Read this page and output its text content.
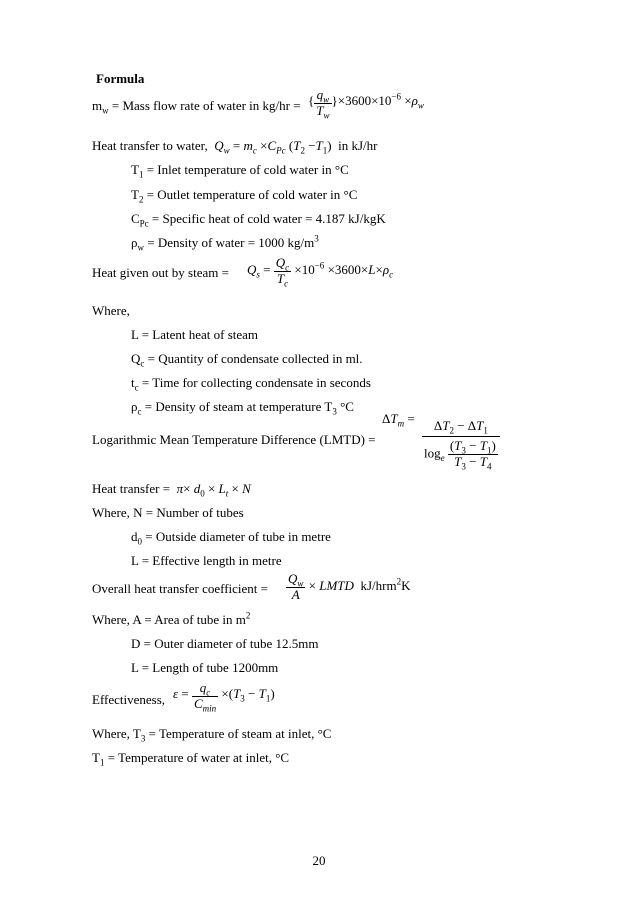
Formula
$m_w$ = Mass flow rate of water in kg/hr = { $\frac{q_w}{T_w} \}\times 3600\times 10^{-6} \times\rho_w$
Heat transfer to water,  $Q_w = m_c \times C_{Pc}$ $(T_2 -T_1)$  in kJ/hr
$T_1$ = Inlet temperature of cold water in °C
$T_2$ = Outlet temperature of cold water in °C
$C_{Pc}$ = Specific heat of cold water = 4.187 kJ/kgK
$\rho_w$ = Density of water = 1000 $kg/m^3$
Heat given out by steam = $Q_s = \frac{Q_c}{T_c} \times 10^{-6} \times 3600\times L\times\rho_c$
Where,
L = Latent heat of steam
$Q_c$ = Quantity of condensate collected in ml.
$t_c$ = Time for collecting condensate in seconds
$\rho_c$ = Density of steam at temperature $T_3$ °C
Logarithmic Mean Temperature Difference (LMTD) =
$\Delta T_m$ =
$\frac{\Delta T_2 - \Delta T_1}{\log_e \frac{(T_3 - T_1)}{T_3 - T_4}}$
Heat transfer =  $\pi\times d_0 \times L_t \times N$
Where, N = Number of tubes
$d_0$ = Outside diameter of tube in metre
L = Effective length in metre
Overall heat transfer coefficient = $\frac{Q_w}{A}$ × LMTD  kJ/hrm$^2$K
Where, A = Area of tube in $m^2$
D = Outer diameter of tube 12.5mm
L = Length of tube 1200mm
Effectiveness, $\varepsilon = \frac{q_c}{C_{min}} \times(T_3 - T_1)$
Where, $T_3$ = Temperature of steam at inlet, °C
$T_1$ = Temperature of water at inlet, °C
20
